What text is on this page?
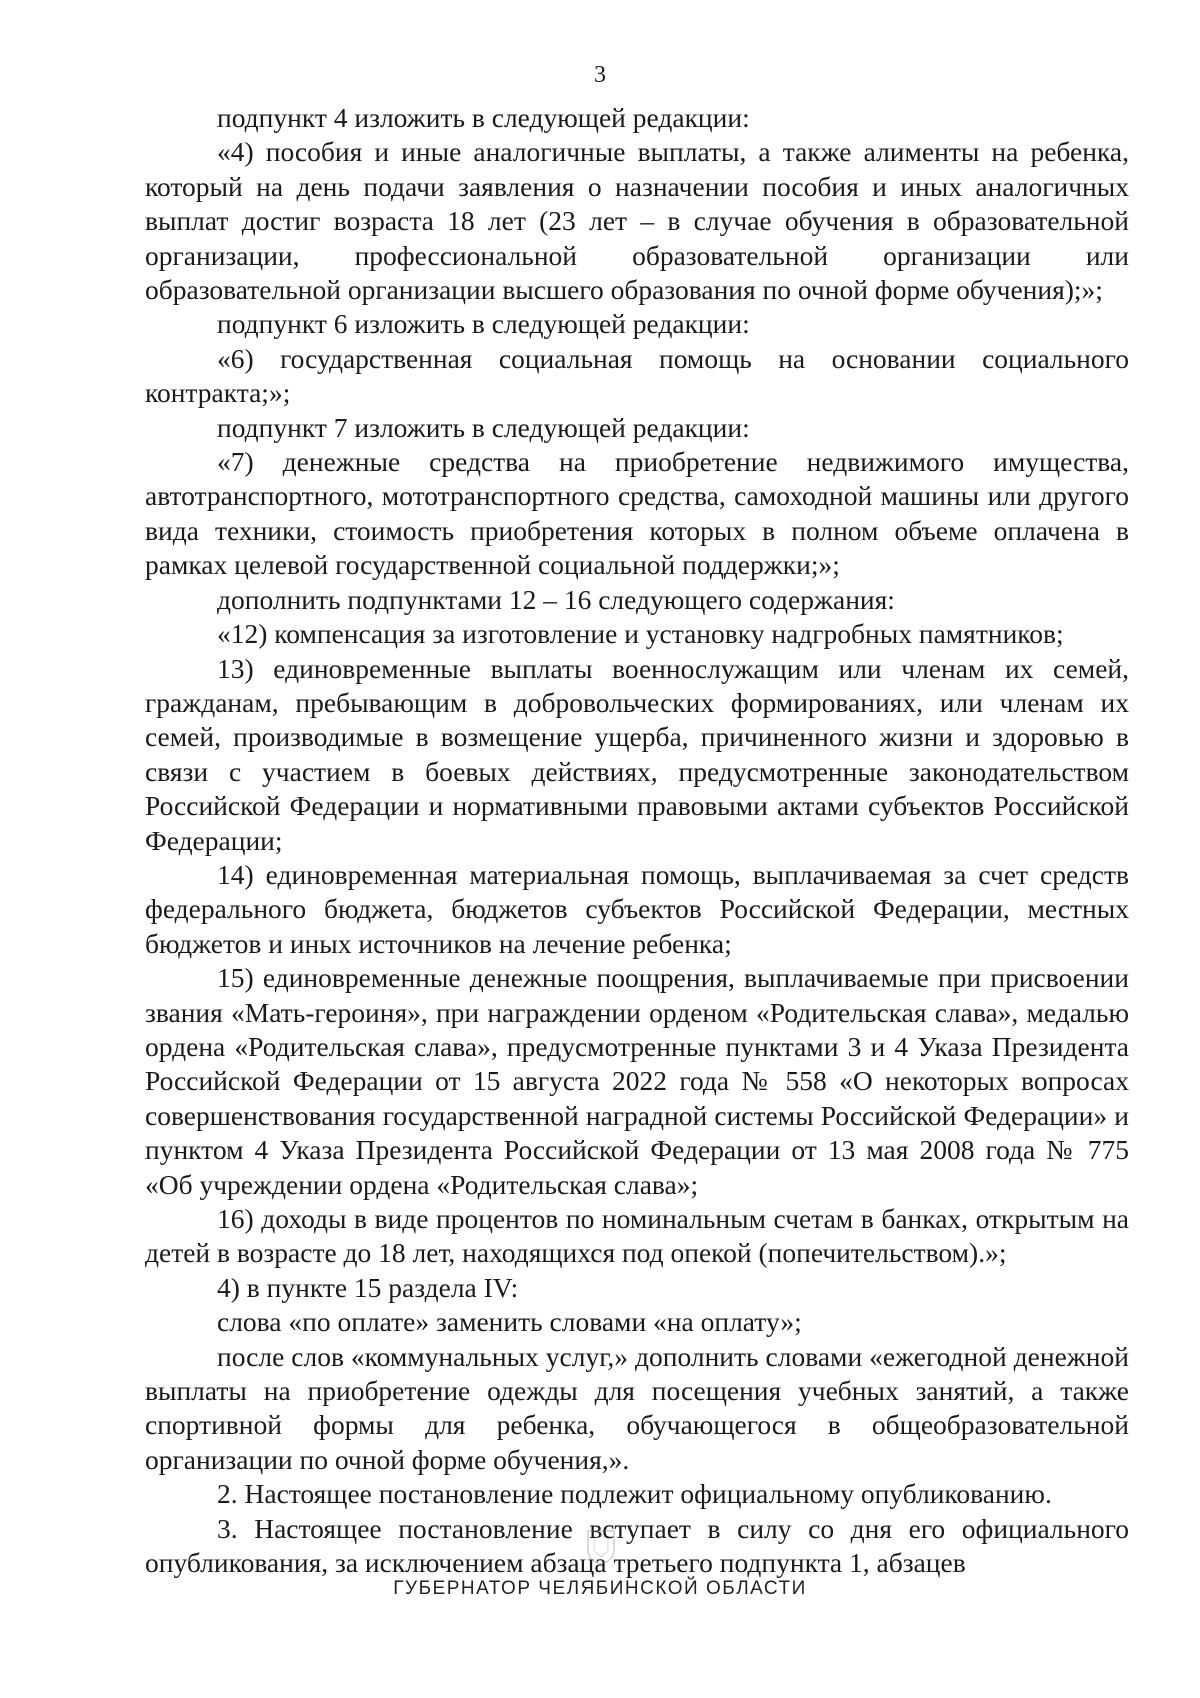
3

подпункт 4 изложить в следующей редакции:

«4) пособия и иные аналогичные выплаты, а также алименты на ребенка, который на день подачи заявления о назначении пособия и иных аналогичных выплат достиг возраста 18 лет (23 лет – в случае обучения в образовательной организации, профессиональной образовательной организации или образовательной организации высшего образования по очной форме обучения);»;

подпункт 6 изложить в следующей редакции:

«6) государственная социальная помощь на основании социального контракта;»;

подпункт 7 изложить в следующей редакции:

«7) денежные средства на приобретение недвижимого имущества, автотранспортного, мототранспортного средства, самоходной машины или другого вида техники, стоимость приобретения которых в полном объеме оплачена в рамках целевой государственной социальной поддержки;»;

дополнить подпунктами 12 – 16 следующего содержания:

«12) компенсация за изготовление и установку надгробных памятников;

13) единовременные выплаты военнослужащим или членам их семей, гражданам, пребывающим в добровольческих формированиях, или членам их семей, производимые в возмещение ущерба, причиненного жизни и здоровью в связи с участием в боевых действиях, предусмотренные законодательством Российской Федерации и нормативными правовыми актами субъектов Российской Федерации;

14) единовременная материальная помощь, выплачиваемая за счет средств федерального бюджета, бюджетов субъектов Российской Федерации, местных бюджетов и иных источников на лечение ребенка;

15) единовременные денежные поощрения, выплачиваемые при присвоении звания «Мать-героиня», при награждении орденом «Родительская слава», медалью ордена «Родительская слава», предусмотренные пунктами 3 и 4 Указа Президента Российской Федерации от 15 августа 2022 года № 558 «О некоторых вопросах совершенствования государственной наградной системы Российской Федерации» и пунктом 4 Указа Президента Российской Федерации от 13 мая 2008 года № 775 «Об учреждении ордена «Родительская слава»;

16) доходы в виде процентов по номинальным счетам в банках, открытым на детей в возрасте до 18 лет, находящихся под опекой (попечительством).»;

4) в пункте 15 раздела IV:

слова «по оплате» заменить словами «на оплату»;

после слов «коммунальных услуг,» дополнить словами «ежегодной денежной выплаты на приобретение одежды для посещения учебных занятий, а также спортивной формы для ребенка, обучающегося в общеобразовательной организации по очной форме обучения,».

2. Настоящее постановление подлежит официальному опубликованию.

3. Настоящее постановление вступает в силу со дня его официального опубликования, за исключением абзаца третьего подпункта 1, абзацев

ГУБЕРНАТОР ЧЕЛЯБИНСКОЙ ОБЛАСТИ
